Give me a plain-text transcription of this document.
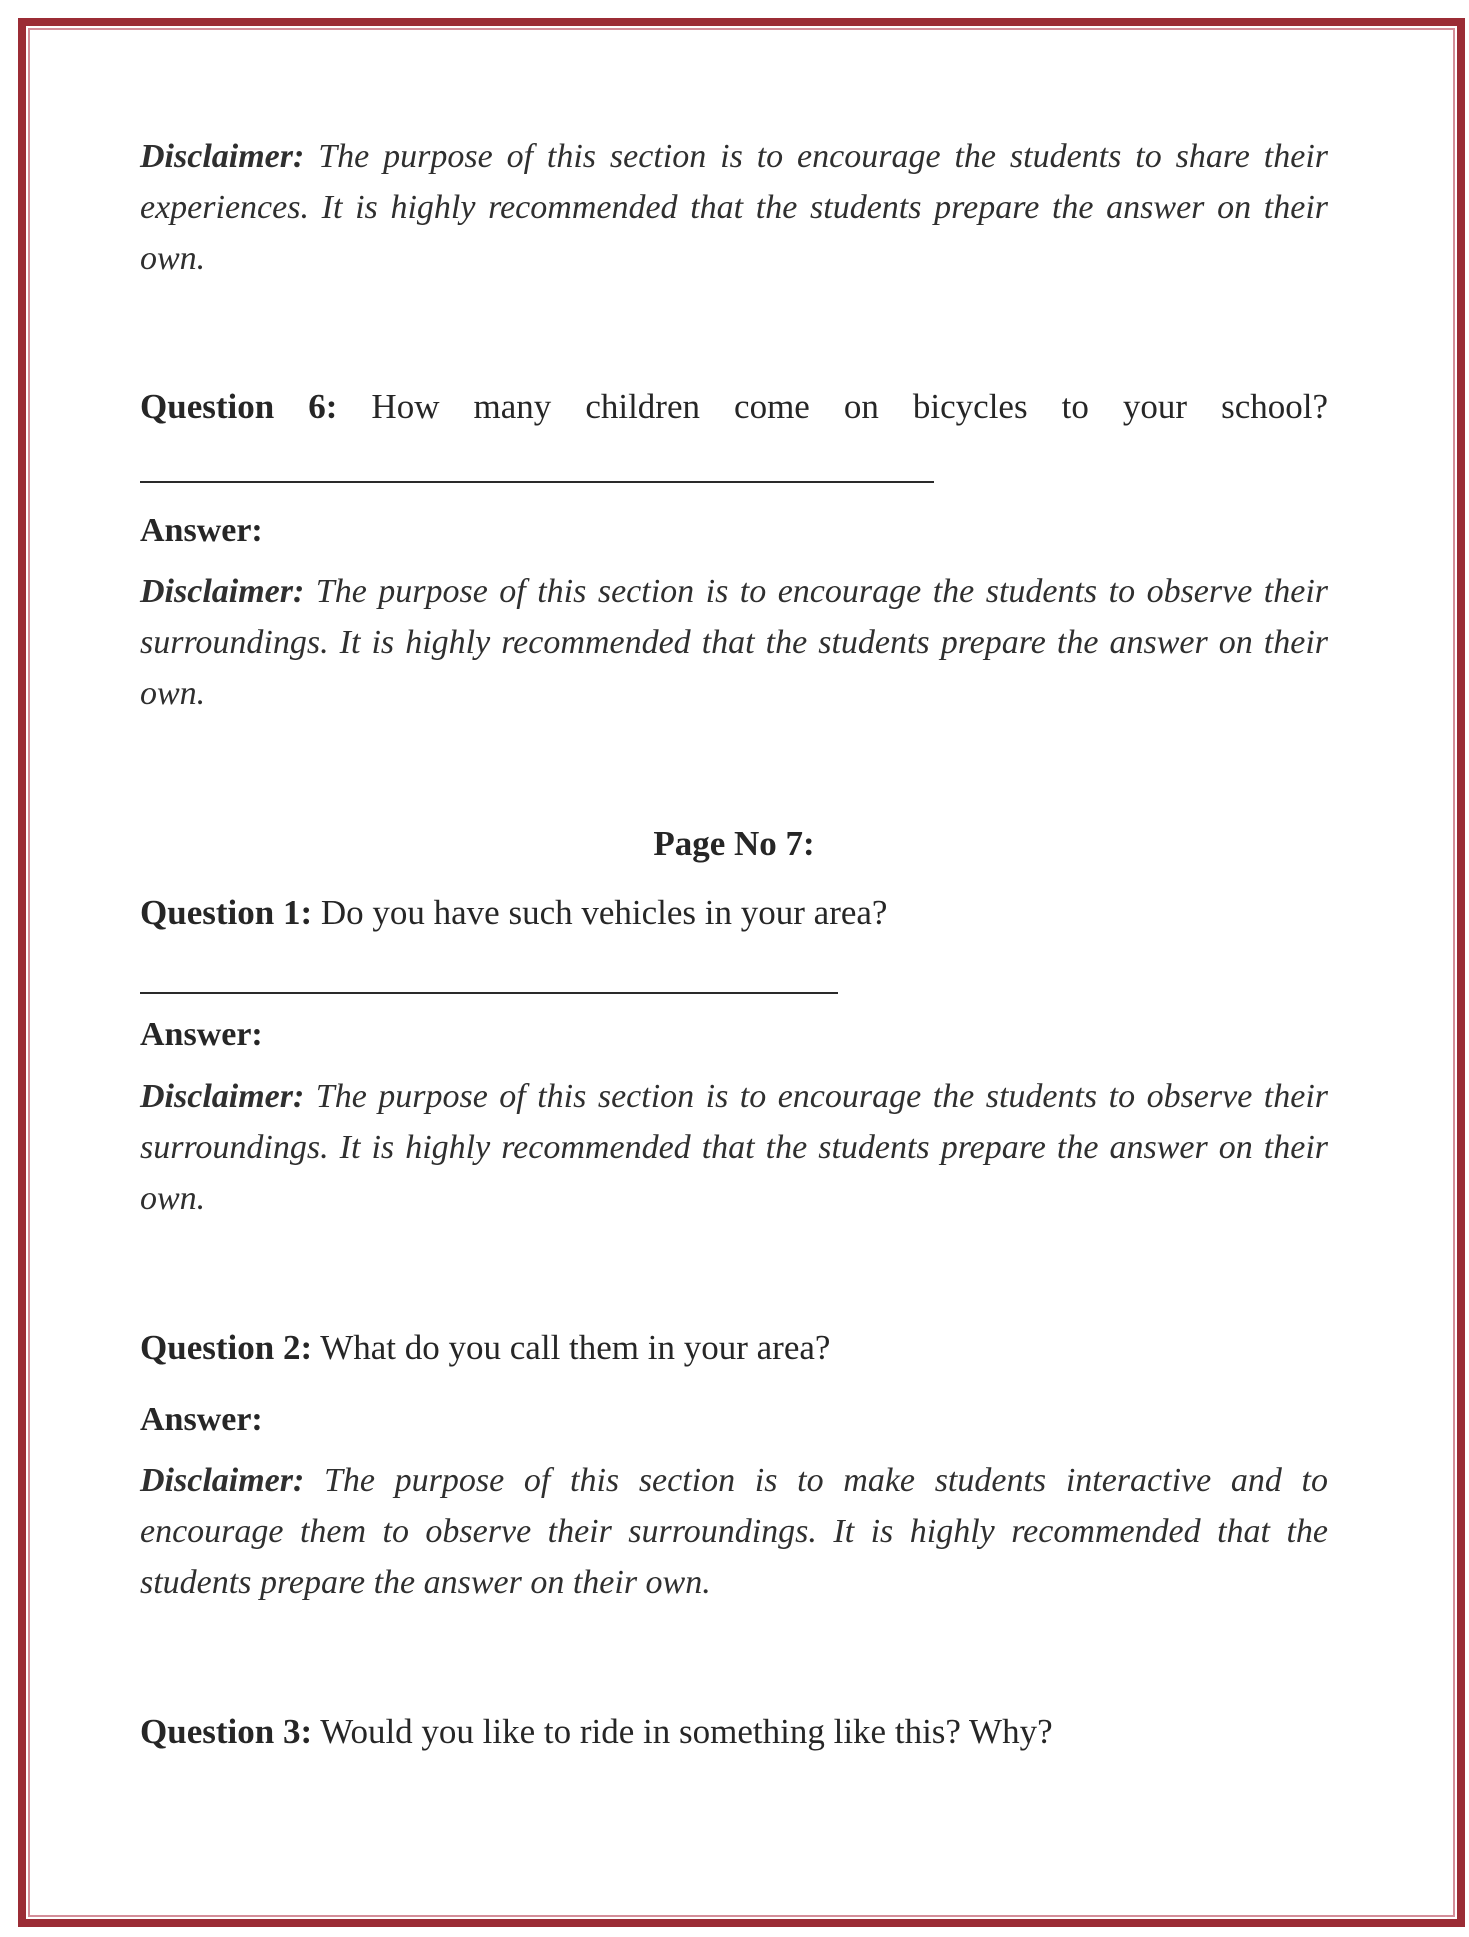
Disclaimer: The purpose of this section is to encourage the students to share their experiences. It is highly recommended that the students prepare the answer on their own.

Question 6: How many children come on bicycles to your school?

Answer:

Disclaimer: The purpose of this section is to encourage the students to observe their surroundings. It is highly recommended that the students prepare the answer on their own.

Page No 7:

Question 1: Do you have such vehicles in your area?

Answer:

Disclaimer: The purpose of this section is to encourage the students to observe their surroundings. It is highly recommended that the students prepare the answer on their own.

Question 2: What do you call them in your area?

Answer:

Disclaimer: The purpose of this section is to make students interactive and to encourage them to observe their surroundings. It is highly recommended that the students prepare the answer on their own.

Question 3: Would you like to ride in something like this? Why?
